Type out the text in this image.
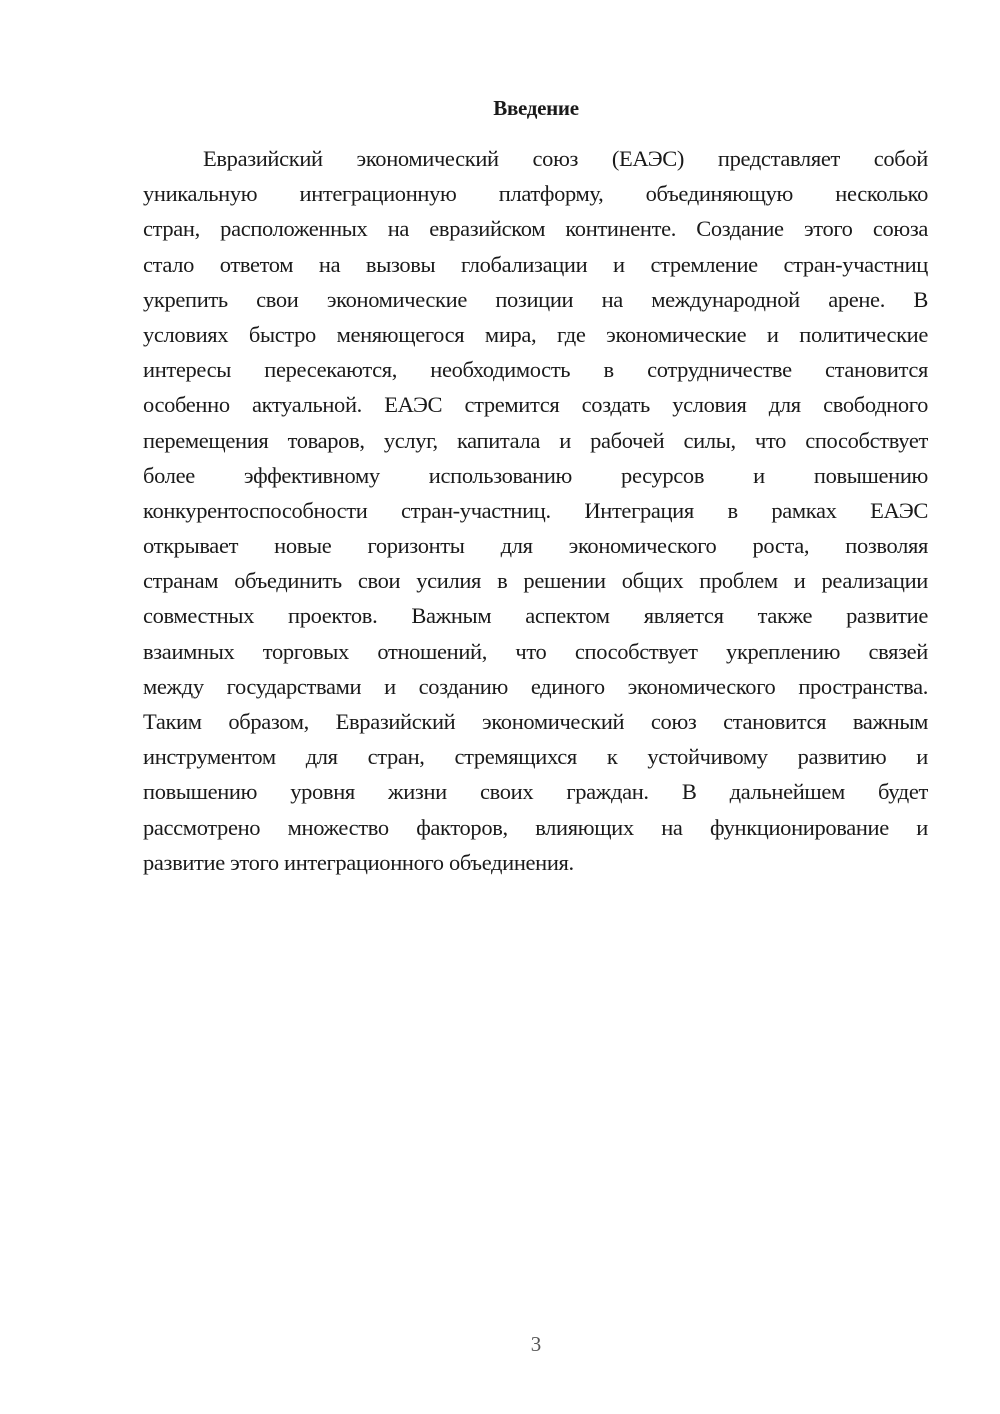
Введение
Евразийский экономический союз (ЕАЭС) представляет собой
уникальную интеграционную платформу, объединяющую несколько
стран, расположенных на евразийском континенте. Создание этого союза
стало ответом на вызовы глобализации и стремление стран-участниц
укрепить свои экономические позиции на международной арене. В
условиях быстро меняющегося мира, где экономические и политические
интересы пересекаются, необходимость в сотрудничестве становится
особенно актуальной. ЕАЭС стремится создать условия для свободного
перемещения товаров, услуг, капитала и рабочей силы, что способствует
более эффективному использованию ресурсов и повышению
конкурентоспособности стран-участниц. Интеграция в рамках ЕАЭС
открывает новые горизонты для экономического роста, позволяя
странам объединить свои усилия в решении общих проблем и реализации
совместных проектов. Важным аспектом является также развитие
взаимных торговых отношений, что способствует укреплению связей
между государствами и созданию единого экономического пространства.
Таким образом, Евразийский экономический союз становится важным
инструментом для стран, стремящихся к устойчивому развитию и
повышению уровня жизни своих граждан. В дальнейшем будет
рассмотрено множество факторов, влияющих на функционирование и
развитие этого интеграционного объединения.
3
